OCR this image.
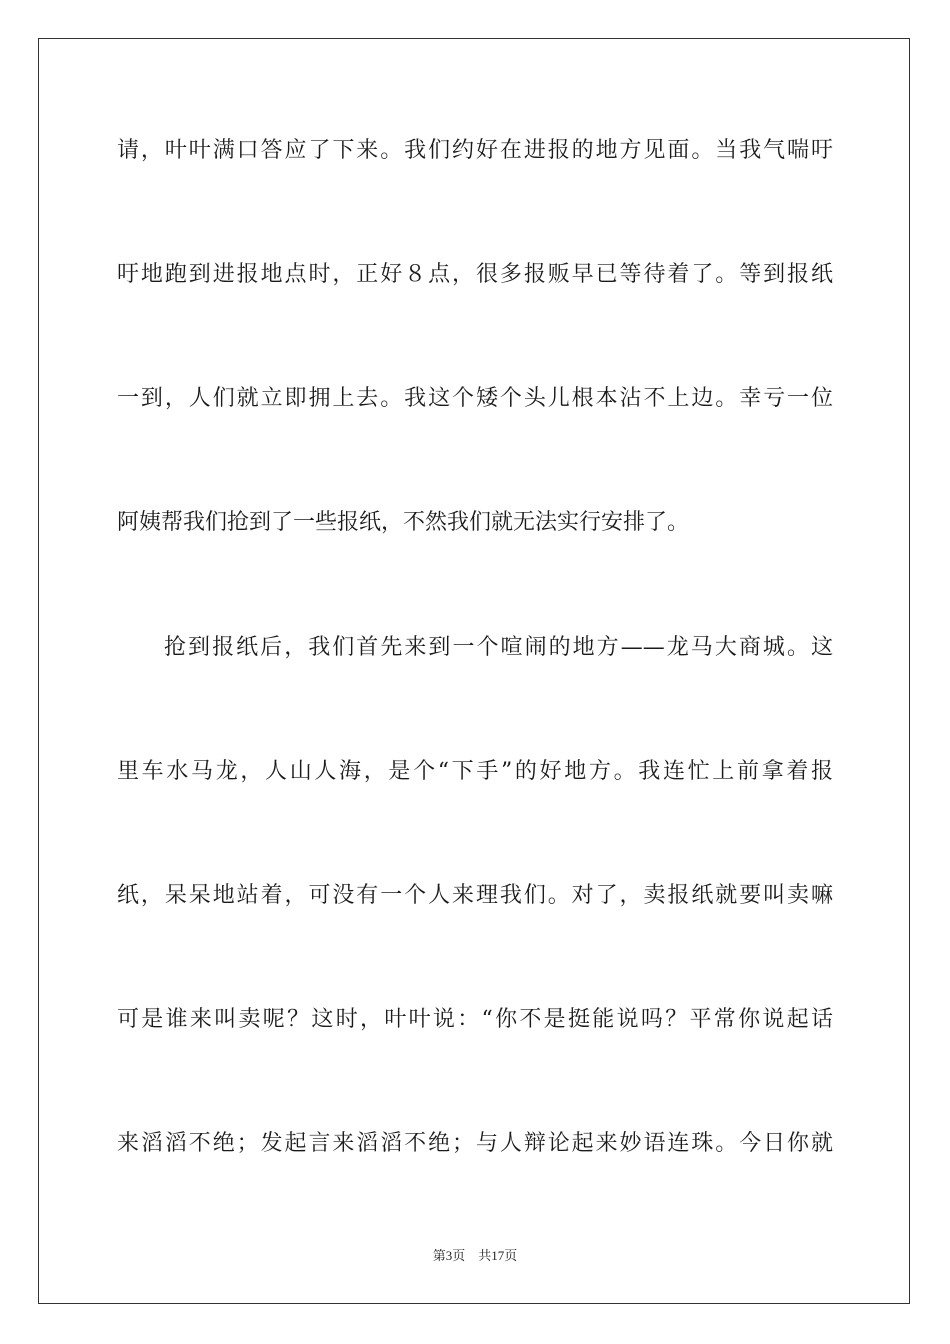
请，叶叶满口答应了下来。我们约好在进报的地方见面。当我气喘吁
吁地跑到进报地点时，正好８点，很多报贩早已等待着了。等到报纸
一到，人们就立即拥上去。我这个矮个头儿根本沾不上边。幸亏一位
阿姨帮我们抢到了一些报纸，不然我们就无法实行安排了。
抢到报纸后，我们首先来到一个喧闹的地方——龙马大商城。这
里车水马龙，人山人海，是个“下手”的好地方。我连忙上前拿着报
纸，呆呆地站着，可没有一个人来理我们。对了，卖报纸就要叫卖嘛
可是谁来叫卖呢？这时，叶叶说：“你不是挺能说吗？平常你说起话
来滔滔不绝；发起言来滔滔不绝；与人辩论起来妙语连珠。今日你就
第3页 共17页
